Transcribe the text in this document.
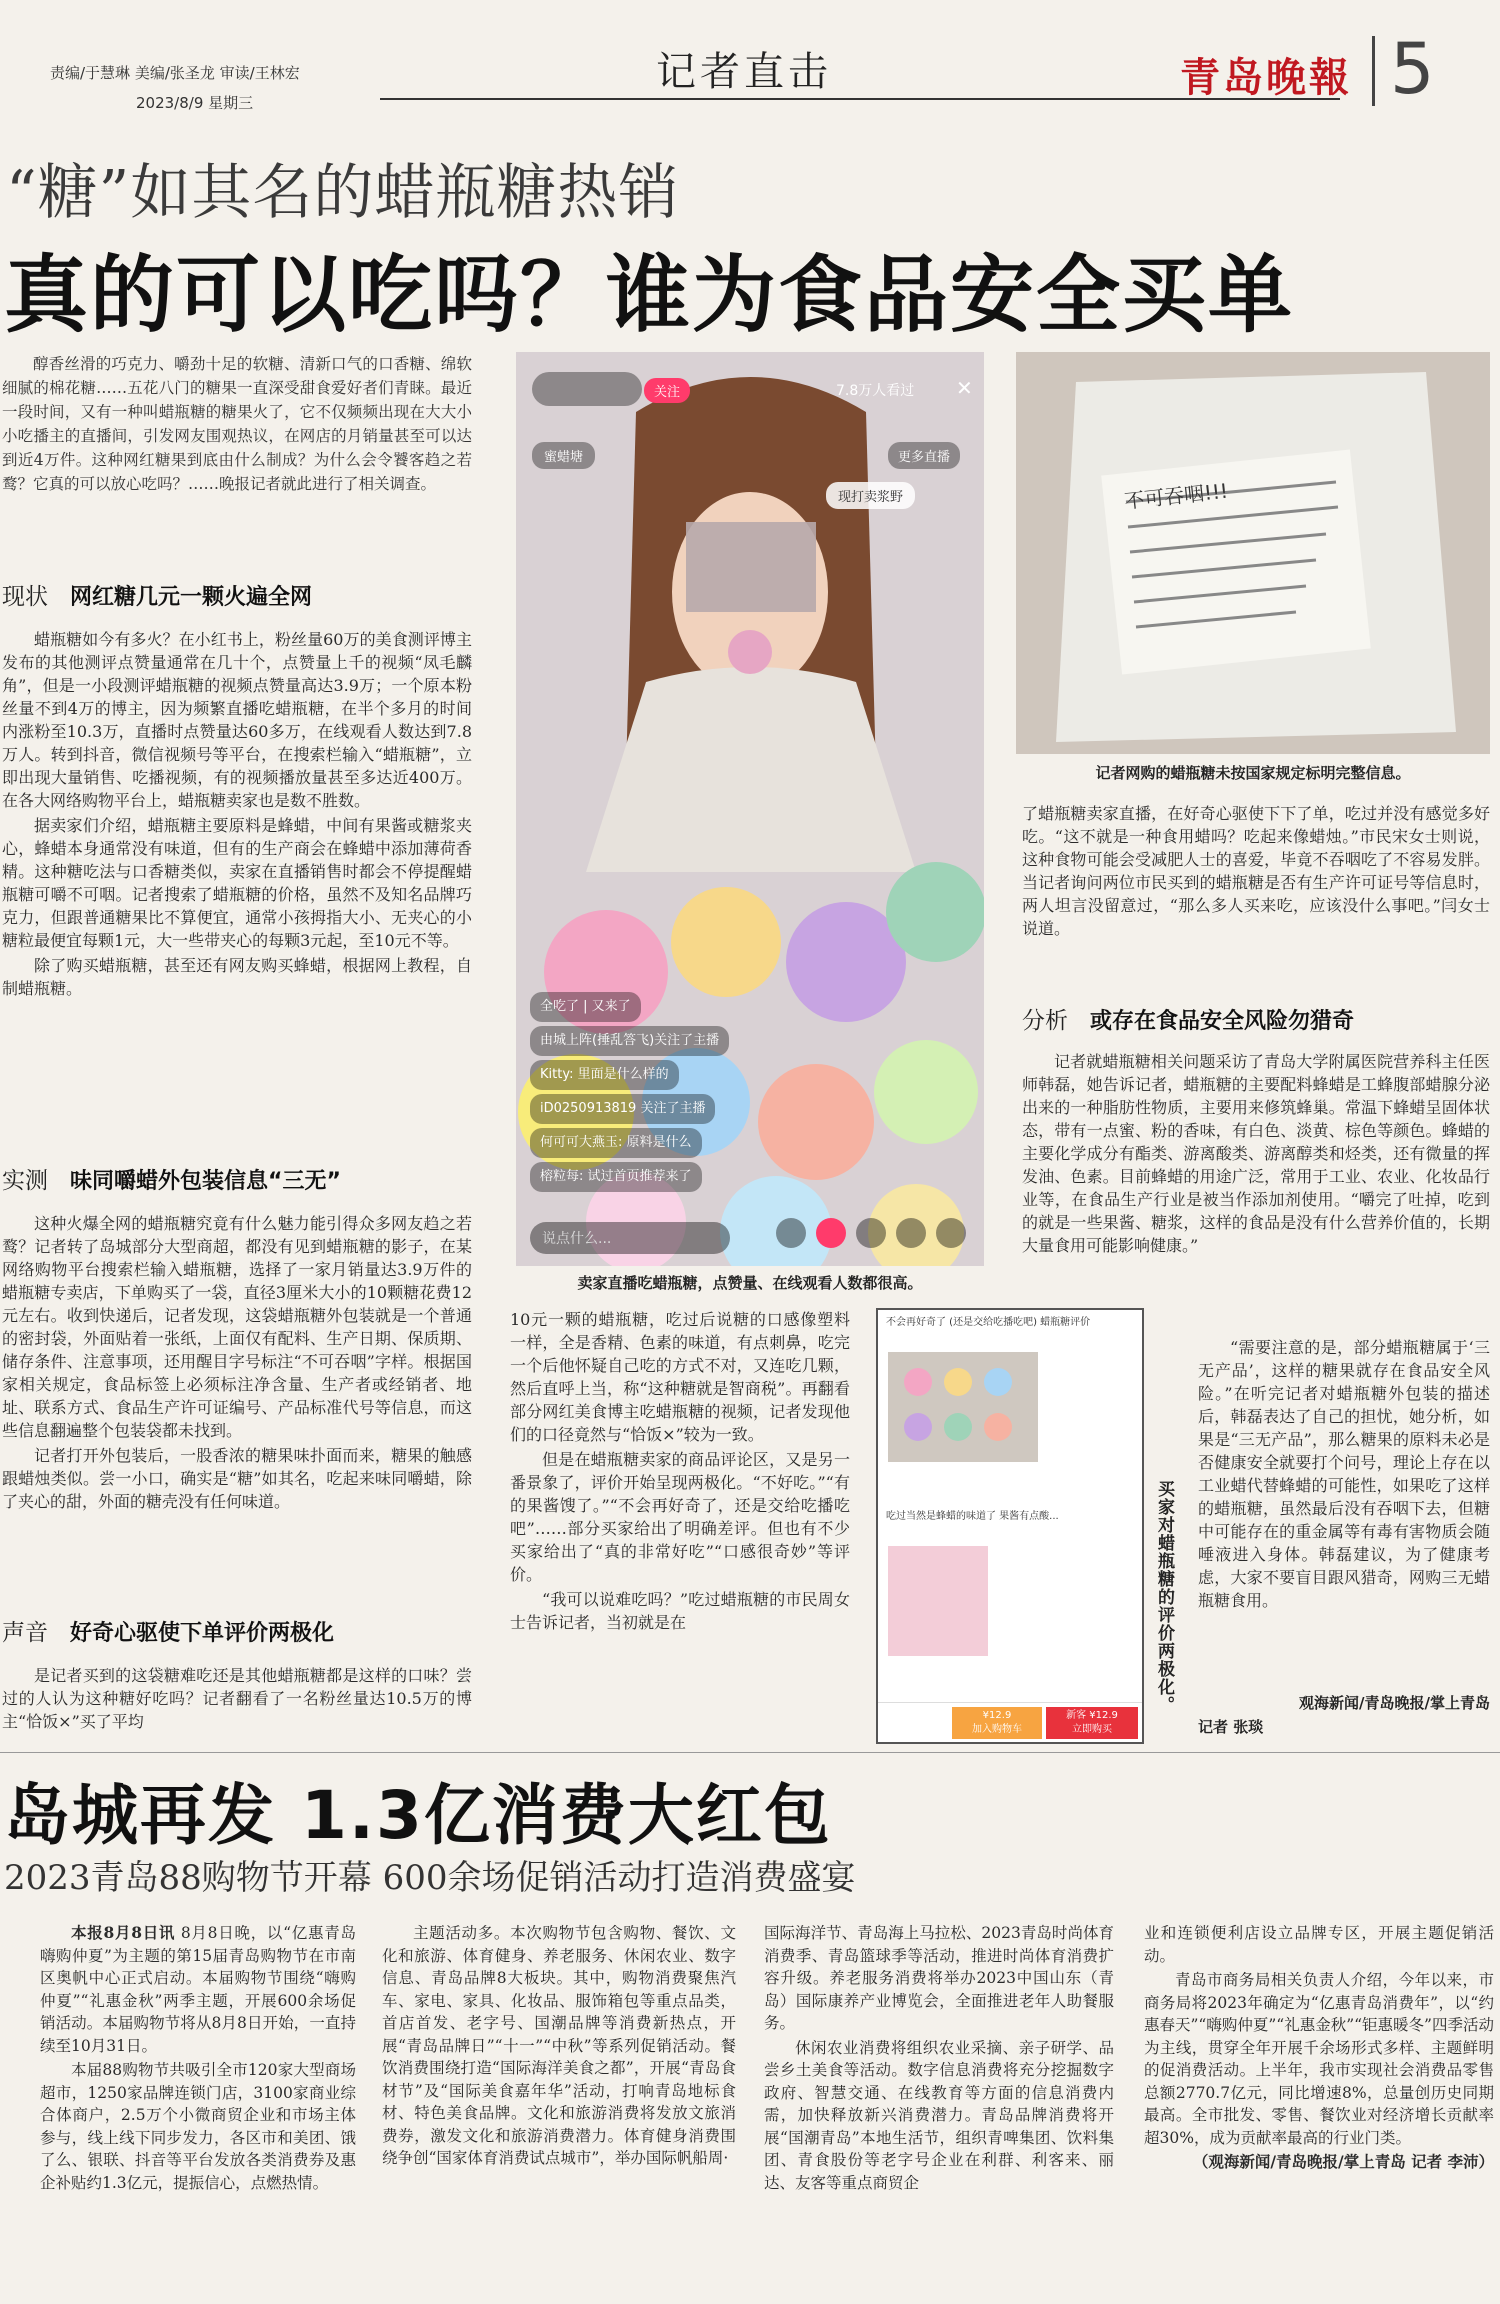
责编/于慧琳 美编/张圣龙 审读/王林宏
2023/8/9 星期三
记者直击	青岛晚報 5
“糖”如其名的蜡瓶糖热销
真的可以吃吗？谁为食品安全买单

醇香丝滑的巧克力、嚼劲十足的软糖、清新口气的口香糖、绵软细腻的棉花糖……五花八门的糖果一直深受甜食爱好者们青睐。最近一段时间，又有一种叫蜡瓶糖的糖果火了，它不仅频频出现在大大小小吃播主的直播间，引发网友围观热议，在网店的月销量甚至可以达到近4万件。这种网红糖果到底由什么制成？为什么会令饕客趋之若鹜？它真的可以放心吃吗？……晚报记者就此进行了相关调查。

现状 网红糖几元一颗火遍全网

蜡瓶糖如今有多火？在小红书上，粉丝量60万的美食测评博主发布的其他测评点赞量通常在几十个，点赞量上千的视频“凤毛麟角”，但是一小段测评蜡瓶糖的视频点赞量高达3.9万；一个原本粉丝量不到4万的博主，因为频繁直播吃蜡瓶糖，在半个多月的时间内涨粉至10.3万，直播时点赞量达60多万，在线观看人数达到7.8万人。转到抖音，微信视频号等平台，在搜索栏输入“蜡瓶糖”，立即出现大量销售、吃播视频，有的视频播放量甚至多达近400万。在各大网络购物平台上，蜡瓶糖卖家也是数不胜数。

据卖家们介绍，蜡瓶糖主要原料是蜂蜡，中间有果酱或糖浆夹心，蜂蜡本身通常没有味道，但有的生产商会在蜂蜡中添加薄荷香精。这种糖吃法与口香糖类似，卖家在直播销售时都会不停提醒蜡瓶糖可嚼不可咽。记者搜索了蜡瓶糖的价格，虽然不及知名品牌巧克力，但跟普通糖果比不算便宜，通常小孩拇指大小、无夹心的小糖粒最便宜每颗1元，大一些带夹心的每颗3元起，至10元不等。

除了购买蜡瓶糖，甚至还有网友购买蜂蜡，根据网上教程，自制蜡瓶糖。

实测 味同嚼蜡外包装信息“三无”

这种火爆全网的蜡瓶糖究竟有什么魅力能引得众多网友趋之若鹜？记者转了岛城部分大型商超，都没有见到蜡瓶糖的影子，在某网络购物平台搜索栏输入蜡瓶糖，选择了一家月销量达3.9万件的蜡瓶糖专卖店，下单购买了一袋，直径3厘米大小的10颗糖花费12元左右。收到快递后，记者发现，这袋蜡瓶糖外包装就是一个普通的密封袋，外面贴着一张纸，上面仅有配料、生产日期、保质期、储存条件、注意事项，还用醒目字号标注“不可吞咽”字样。根据国家相关规定，食品标签上必须标注净含量、生产者或经销者、地址、联系方式、食品生产许可证编号、产品标准代号等信息，而这些信息翻遍整个包装袋都未找到。

记者打开外包装后，一股香浓的糖果味扑面而来，糖果的触感跟蜡烛类似。尝一小口，确实是“糖”如其名，吃起来味同嚼蜡，除了夹心的甜，外面的糖壳没有任何味道。

声音 好奇心驱使下单评价两极化

是记者买到的这袋糖难吃还是其他蜡瓶糖都是这样的口味？尝过的人认为这种糖好吃吗？记者翻看了一名粉丝量达10.5万的博主“恰饭×”买了平均

关注	7.8万人看过 ✕
蜜蜡塘	更多直播
现打卖浆野
全吃了 | 又来了
由城上阵(捶乱答飞)关注了主播
Kitty: 里面是什么样的
iD0250913819 关注了主播
何可可大燕玉: 原料是什么
榕粒每: 试过首页推荐来了
说点什么...
卖家直播吃蜡瓶糖，点赞量、在线观看人数都很高。
不可吞咽!!!
记者网购的蜡瓶糖未按国家规定标明完整信息。

了蜡瓶糖卖家直播，在好奇心驱使下下了单，吃过并没有感觉多好吃。“这不就是一种食用蜡吗？吃起来像蜡烛。”市民宋女士则说，这种食物可能会受减肥人士的喜爱，毕竟不吞咽吃了不容易发胖。当记者询问两位市民买到的蜡瓶糖是否有生产许可证号等信息时，两人坦言没留意过，“那么多人买来吃，应该没什么事吧。”闫女士说道。

分析 或存在食品安全风险勿猎奇

记者就蜡瓶糖相关问题采访了青岛大学附属医院营养科主任医师韩磊，她告诉记者，蜡瓶糖的主要配料蜂蜡是工蜂腹部蜡腺分泌出来的一种脂肪性物质，主要用来修筑蜂巢。常温下蜂蜡呈固体状态，带有一点蜜、粉的香味，有白色、淡黄、棕色等颜色。蜂蜡的主要化学成分有酯类、游离酸类、游离醇类和烃类，还有微量的挥发油、色素。目前蜂蜡的用途广泛，常用于工业、农业、化妆品行业等，在食品生产行业是被当作添加剂使用。“嚼完了吐掉，吃到的就是一些果酱、糖浆，这样的食品是没有什么营养价值的，长期大量食用可能影响健康。”

“需要注意的是，部分蜡瓶糖属于‘三无产品’，这样的糖果就存在食品安全风险。”在听完记者对蜡瓶糖外包装的描述后，韩磊表达了自己的担忧，她分析，如果是“三无产品”，那么糖果的原料未必是否健康安全就要打个问号，理论上存在以工业蜡代替蜂蜡的可能性，如果吃了这样的蜡瓶糖，虽然最后没有吞咽下去，但糖中可能存在的重金属等有毒有害物质会随唾液进入身体。韩磊建议，为了健康考虑，大家不要盲目跟风猎奇，网购三无蜡瓶糖食用。

观海新闻/青岛晚报/掌上青岛
记者 张琰

10元一颗的蜡瓶糖，吃过后说糖的口感像塑料一样，全是香精、色素的味道，有点刺鼻，吃完一个后他怀疑自己吃的方式不对，又连吃几颗，然后直呼上当，称“这种糖就是智商税”。再翻看部分网红美食博主吃蜡瓶糖的视频，记者发现他们的口径竟然与“恰饭×”较为一致。

但是在蜡瓶糖卖家的商品评论区，又是另一番景象了，评价开始呈现两极化。“不好吃。”“有的果酱馊了。”“不会再好奇了，还是交给吃播吃吧”……部分买家给出了明确差评。但也有不少买家给出了“真的非常好吃”“口感很奇妙”等评价。

“我可以说难吃吗？”吃过蜡瓶糖的市民周女士告诉记者，当初就是在

不会再好奇了 (还是交给吃播吃吧) 蜡瓶糖评价
吃过当然是蜂蜡的味道了 果酱有点酸...
¥12.9
加入购物车
新客 ¥12.9
立即购买
买家对蜡瓶糖的评价两极化。
岛城再发 1.3亿消费大红包
2023青岛88购物节开幕 600余场促销活动打造消费盛宴

本报8月8日讯 8月8日晚，以“亿惠青岛 嗨购仲夏”为主题的第15届青岛购物节在市南区奥帆中心正式启动。本届购物节围绕“嗨购仲夏”“礼惠金秋”两季主题，开展600余场促销活动。本届购物节将从8月8日开始，一直持续至10月31日。

本届88购物节共吸引全市120家大型商场超市，1250家品牌连锁门店，3100家商业综合体商户，2.5万个小微商贸企业和市场主体参与，线上线下同步发力，各区市和美团、饿了么、银联、抖音等平台发放各类消费券及惠企补贴约1.3亿元，提振信心，点燃热情。

主题活动多。本次购物节包含购物、餐饮、文化和旅游、体育健身、养老服务、休闲农业、数字信息、青岛品牌8大板块。其中，购物消费聚焦汽车、家电、家具、化妆品、服饰箱包等重点品类，首店首发、老字号、国潮品牌等消费新热点，开展“青岛品牌日”“十一”“中秋”等系列促销活动。餐饮消费围绕打造“国际海洋美食之都”，开展“青岛食材节”及“国际美食嘉年华”活动，打响青岛地标食材、特色美食品牌。文化和旅游消费将发放文旅消费券，激发文化和旅游消费潜力。体育健身消费围绕争创“国家体育消费试点城市”，举办国际帆船周·

国际海洋节、青岛海上马拉松、2023青岛时尚体育消费季、青岛篮球季等活动，推进时尚体育消费扩容升级。养老服务消费将举办2023中国山东（青岛）国际康养产业博览会，全面推进老年人助餐服务。

休闲农业消费将组织农业采摘、亲子研学、品尝乡土美食等活动。数字信息消费将充分挖掘数字政府、智慧交通、在线教育等方面的信息消费内需，加快释放新兴消费潜力。青岛品牌消费将开展“国潮青岛”本地生活节，组织青啤集团、饮料集团、青食股份等老字号企业在利群、利客来、丽达、友客等重点商贸企

业和连锁便利店设立品牌专区，开展主题促销活动。

青岛市商务局相关负责人介绍，今年以来，市商务局将2023年确定为“亿惠青岛消费年”，以“约惠春天”“嗨购仲夏”“礼惠金秋”“钜惠暖冬”四季活动为主线，贯穿全年开展千余场形式多样、主题鲜明的促消费活动。上半年，我市实现社会消费品零售总额2770.7亿元，同比增速8%，总量创历史同期最高。全市批发、零售、餐饮业对经济增长贡献率超30%，成为贡献率最高的行业门类。

（观海新闻/青岛晚报/掌上青岛 记者 李沛）
